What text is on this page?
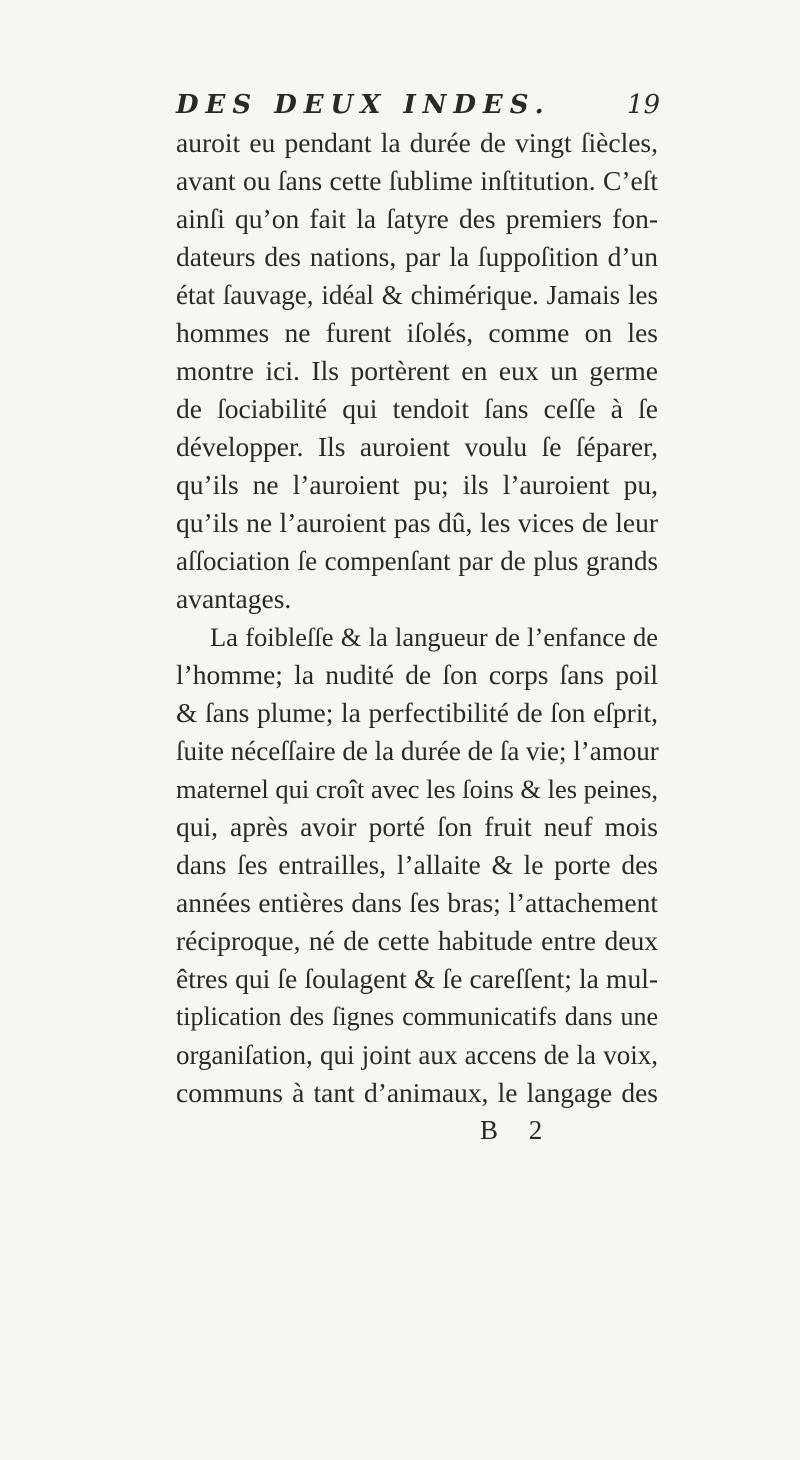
DES DEUX INDES.	19
auroit eu pendant la durée de vingt ſiècles,
avant ou ſans cette ſublime inſtitution. C’eſt
ainſi qu’on fait la ſatyre des premiers fon-
dateurs des nations, par la ſuppoſition d’un
état ſauvage, idéal & chimérique. Jamais les
hommes ne furent iſolés, comme on les
montre ici. Ils portèrent en eux un germe
de ſociabilité qui tendoit ſans ceſſe à ſe
développer. Ils auroient voulu ſe ſéparer,
qu’ils ne l’auroient pu; ils l’auroient pu,
qu’ils ne l’auroient pas dû, les vices de leur
aſſociation ſe compenſant par de plus grands
avantages.
La foibleſſe & la langueur de l’enfance de
l’homme; la nudité de ſon corps ſans poil
& ſans plume; la perfectibilité de ſon eſprit,
ſuite néceſſaire de la durée de ſa vie; l’amour
maternel qui croît avec les ſoins & les peines,
qui, après avoir porté ſon fruit neuf mois
dans ſes entrailles, l’allaite & le porte des
années entières dans ſes bras; l’attachement
réciproque, né de cette habitude entre deux
êtres qui ſe ſoulagent & ſe careſſent; la mul-
tiplication des ſignes communicatifs dans une
organiſation, qui joint aux accens de la voix,
communs à tant d’animaux, le langage des
B 2
